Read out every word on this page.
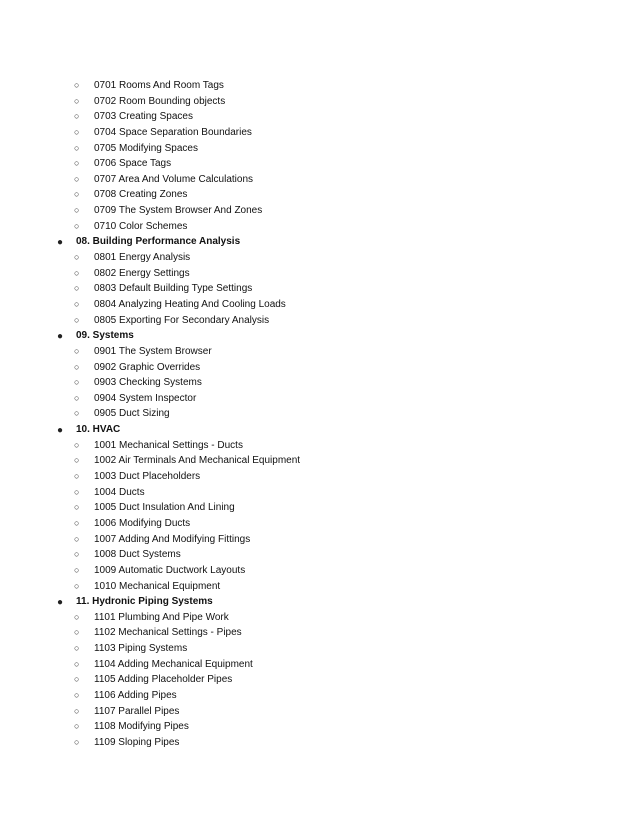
○ 0701 Rooms And Room Tags
○ 0702 Room Bounding objects
○ 0703 Creating Spaces
○ 0704 Space Separation Boundaries
○ 0705 Modifying Spaces
○ 0706 Space Tags
○ 0707 Area And Volume Calculations
○ 0708 Creating Zones
○ 0709 The System Browser And Zones
○ 0710 Color Schemes
● 08. Building Performance Analysis
○ 0801 Energy Analysis
○ 0802 Energy Settings
○ 0803 Default Building Type Settings
○ 0804 Analyzing Heating And Cooling Loads
○ 0805 Exporting For Secondary Analysis
● 09. Systems
○ 0901 The System Browser
○ 0902 Graphic Overrides
○ 0903 Checking Systems
○ 0904 System Inspector
○ 0905 Duct Sizing
● 10. HVAC
○ 1001 Mechanical Settings - Ducts
○ 1002 Air Terminals And Mechanical Equipment
○ 1003 Duct Placeholders
○ 1004 Ducts
○ 1005 Duct Insulation And Lining
○ 1006 Modifying Ducts
○ 1007 Adding And Modifying Fittings
○ 1008 Duct Systems
○ 1009 Automatic Ductwork Layouts
○ 1010 Mechanical Equipment
● 11. Hydronic Piping Systems
○ 1101 Plumbing And Pipe Work
○ 1102 Mechanical Settings - Pipes
○ 1103 Piping Systems
○ 1104 Adding Mechanical Equipment
○ 1105 Adding Placeholder Pipes
○ 1106 Adding Pipes
○ 1107 Parallel Pipes
○ 1108 Modifying Pipes
○ 1109 Sloping Pipes
